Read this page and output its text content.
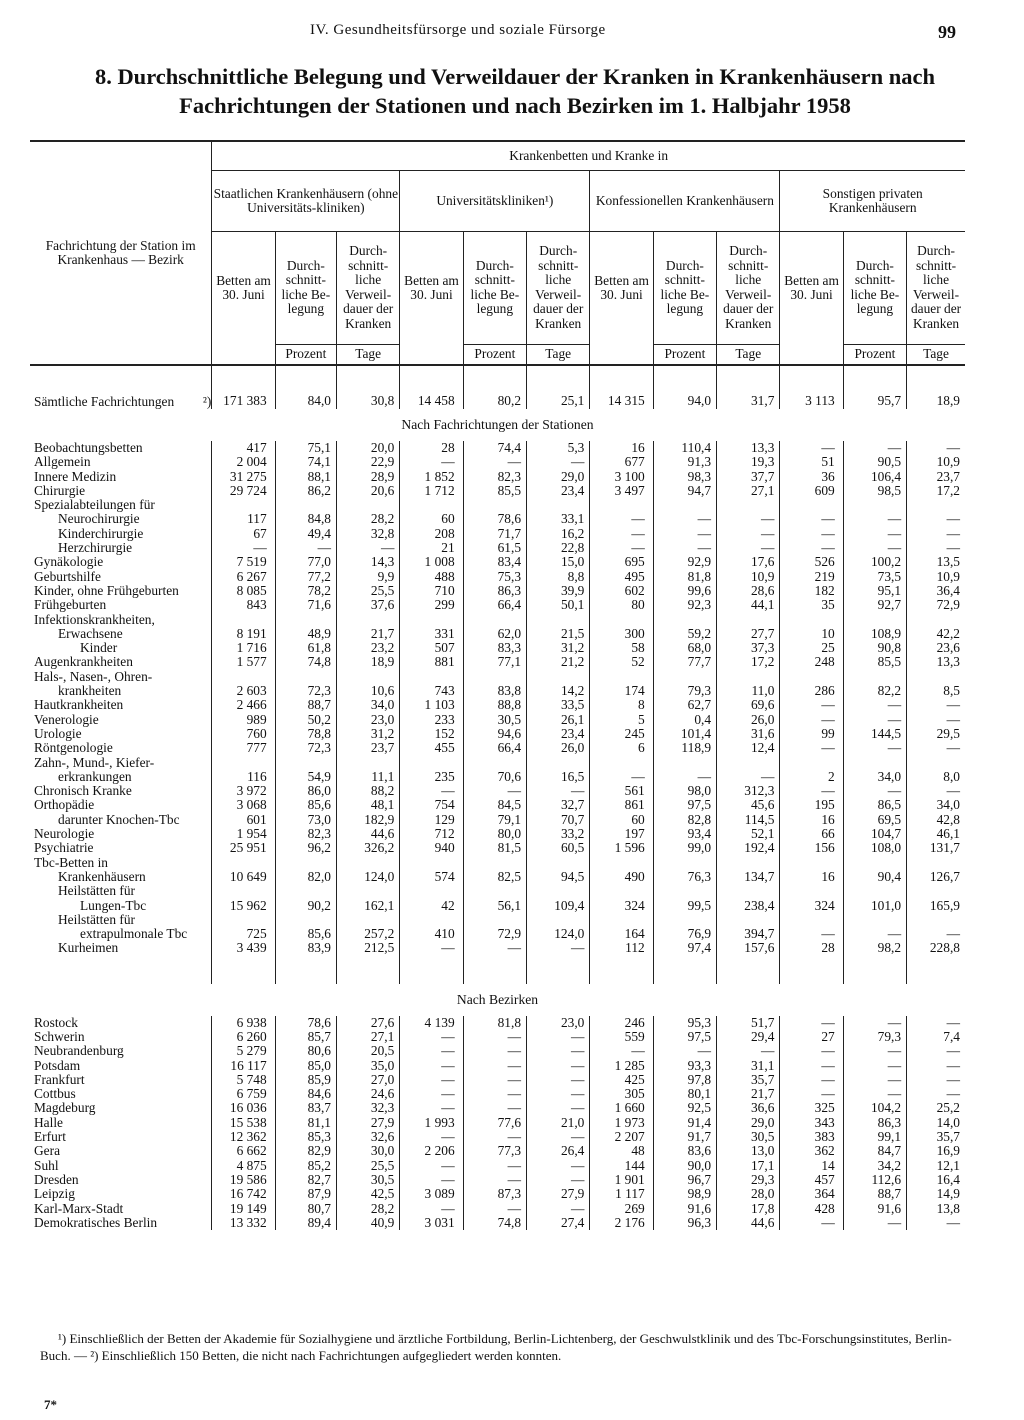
IV. Gesundheitsfürsorge und soziale Fürsorge	99
8. Durchschnittliche Belegung und Verweildauer der Kranken in Krankenhäusern nach Fachrichtungen der Stationen und nach Bezirken im 1. Halbjahr 1958
Fachrichtung der Station im Krankenhaus — Bezirk	Krankenbetten und Kranke in											
	Staatlichen Krankenhäusern (ohne Universitäts-kliniken)			Universitätskliniken¹)			Konfessionellen Krankenhäusern			Sonstigen privaten Krankenhäusern		
	Betten am 30. Juni	Durch-schnitt-liche Be-legung	Durch-schnitt-liche Verweil-dauer der Kranken	Betten am 30. Juni	Durch-schnitt-liche Be-legung	Durch-schnitt-liche Verweil-dauer der Kranken	Betten am 30. Juni	Durch-schnitt-liche Be-legung	Durch-schnitt-liche Verweil-dauer der Kranken	Betten am 30. Juni	Durch-schnitt-liche Be-legung	Durch-schnitt-liche Verweil-dauer der Kranken
		Prozent	Tage		Prozent	Tage		Prozent	Tage		Prozent	Tage
Sämtliche Fachrichtungen ²)	171 383	84,0	30,8	14 458	80,2	25,1	14 315	94,0	31,7	3 113	95,7	18,9
Nach Fachrichtungen der Stationen												
Beobachtungsbetten	417	75,1	20,0	28	74,4	5,3	16	110,4	13,3	—	—	—
Allgemein	2 004	74,1	22,9	—	—	—	677	91,3	19,3	51	90,5	10,9
Innere Medizin	31 275	88,1	28,9	1 852	82,3	29,0	3 100	98,3	37,7	36	106,4	23,7
Chirurgie	29 724	86,2	20,6	1 712	85,5	23,4	3 497	94,7	27,1	609	98,5	17,2
Spezialabteilungen für												
Neurochirurgie	117	84,8	28,2	60	78,6	33,1	—	—	—	—	—	—
Kinderchirurgie	67	49,4	32,8	208	71,7	16,2	—	—	—	—	—	—
Herzchirurgie	—	—	—	21	61,5	22,8	—	—	—	—	—	—
Gynäkologie	7 519	77,0	14,3	1 008	83,4	15,0	695	92,9	17,6	526	100,2	13,5
Geburtshilfe	6 267	77,2	9,9	488	75,3	8,8	495	81,8	10,9	219	73,5	10,9
Kinder, ohne Frühgeburten	8 085	78,2	25,5	710	86,3	39,9	602	99,6	28,6	182	95,1	36,4
Frühgeburten	843	71,6	37,6	299	66,4	50,1	80	92,3	44,1	35	92,7	72,9
Infektionskrankheiten,												
Erwachsene	8 191	48,9	21,7	331	62,0	21,5	300	59,2	27,7	10	108,9	42,2
Kinder	1 716	61,8	23,2	507	83,3	31,2	58	68,0	37,3	25	90,8	23,6
Augenkrankheiten	1 577	74,8	18,9	881	77,1	21,2	52	77,7	17,2	248	85,5	13,3
Hals-, Nasen-, Ohren-												
krankheiten	2 603	72,3	10,6	743	83,8	14,2	174	79,3	11,0	286	82,2	8,5
Hautkrankheiten	2 466	88,7	34,0	1 103	88,8	33,5	8	62,7	69,6	—	—	—
Venerologie	989	50,2	23,0	233	30,5	26,1	5	0,4	26,0	—	—	—
Urologie	760	78,8	31,2	152	94,6	23,4	245	101,4	31,6	99	144,5	29,5
Röntgenologie	777	72,3	23,7	455	66,4	26,0	6	118,9	12,4	—	—	—
Zahn-, Mund-, Kiefer-												
erkrankungen	116	54,9	11,1	235	70,6	16,5	—	—	—	2	34,0	8,0
Chronisch Kranke	3 972	86,0	88,2	—	—	—	561	98,0	312,3	—	—	—
Orthopädie	3 068	85,6	48,1	754	84,5	32,7	861	97,5	45,6	195	86,5	34,0
darunter Knochen-Tbc	601	73,0	182,9	129	79,1	70,7	60	82,8	114,5	16	69,5	42,8
Neurologie	1 954	82,3	44,6	712	80,0	33,2	197	93,4	52,1	66	104,7	46,1
Psychiatrie	25 951	96,2	326,2	940	81,5	60,5	1 596	99,0	192,4	156	108,0	131,7
Tbc-Betten in												
Krankenhäusern	10 649	82,0	124,0	574	82,5	94,5	490	76,3	134,7	16	90,4	126,7
Heilstätten für												
Lungen-Tbc	15 962	90,2	162,1	42	56,1	109,4	324	99,5	238,4	324	101,0	165,9
Heilstätten für												
extrapulmonale Tbc	725	85,6	257,2	410	72,9	124,0	164	76,9	394,7	—	—	—
Kurheimen	3 439	83,9	212,5	—	—	—	112	97,4	157,6	28	98,2	228,8

Nach Bezirken												
Rostock	6 938	78,6	27,6	4 139	81,8	23,0	246	95,3	51,7	—	—	—
Schwerin	6 260	85,7	27,1	—	—	—	559	97,5	29,4	27	79,3	7,4
Neubrandenburg	5 279	80,6	20,5	—	—	—	—	—	—	—	—	—
Potsdam	16 117	85,0	35,0	—	—	—	1 285	93,3	31,1	—	—	—
Frankfurt	5 748	85,9	27,0	—	—	—	425	97,8	35,7	—	—	—
Cottbus	6 759	84,6	24,6	—	—	—	305	80,1	21,7	—	—	—
Magdeburg	16 036	83,7	32,3	—	—	—	1 660	92,5	36,6	325	104,2	25,2
Halle	15 538	81,1	27,9	1 993	77,6	21,0	1 973	91,4	29,0	343	86,3	14,0
Erfurt	12 362	85,3	32,6	—	—	—	2 207	91,7	30,5	383	99,1	35,7
Gera	6 662	82,9	30,0	2 206	77,3	26,4	48	83,6	13,0	362	84,7	16,9
Suhl	4 875	85,2	25,5	—	—	—	144	90,0	17,1	14	34,2	12,1
Dresden	19 586	82,7	30,5	—	—	—	1 901	96,7	29,3	457	112,6	16,4
Leipzig	16 742	87,9	42,5	3 089	87,3	27,9	1 117	98,9	28,0	364	88,7	14,9
Karl-Marx-Stadt	19 149	80,7	28,2	—	—	—	269	91,6	17,8	428	91,6	13,8
Demokratisches Berlin	13 332	89,4	40,9	3 031	74,8	27,4	2 176	96,3	44,6	—	—	—
¹) Einschließlich der Betten der Akademie für Sozialhygiene und ärztliche Fortbildung, Berlin-Lichtenberg, der Geschwulstklinik und des Tbc-Forschungsinstitutes, Berlin-Buch. — ²) Einschließlich 150 Betten, die nicht nach Fachrichtungen aufgegliedert werden konnten.
7*
